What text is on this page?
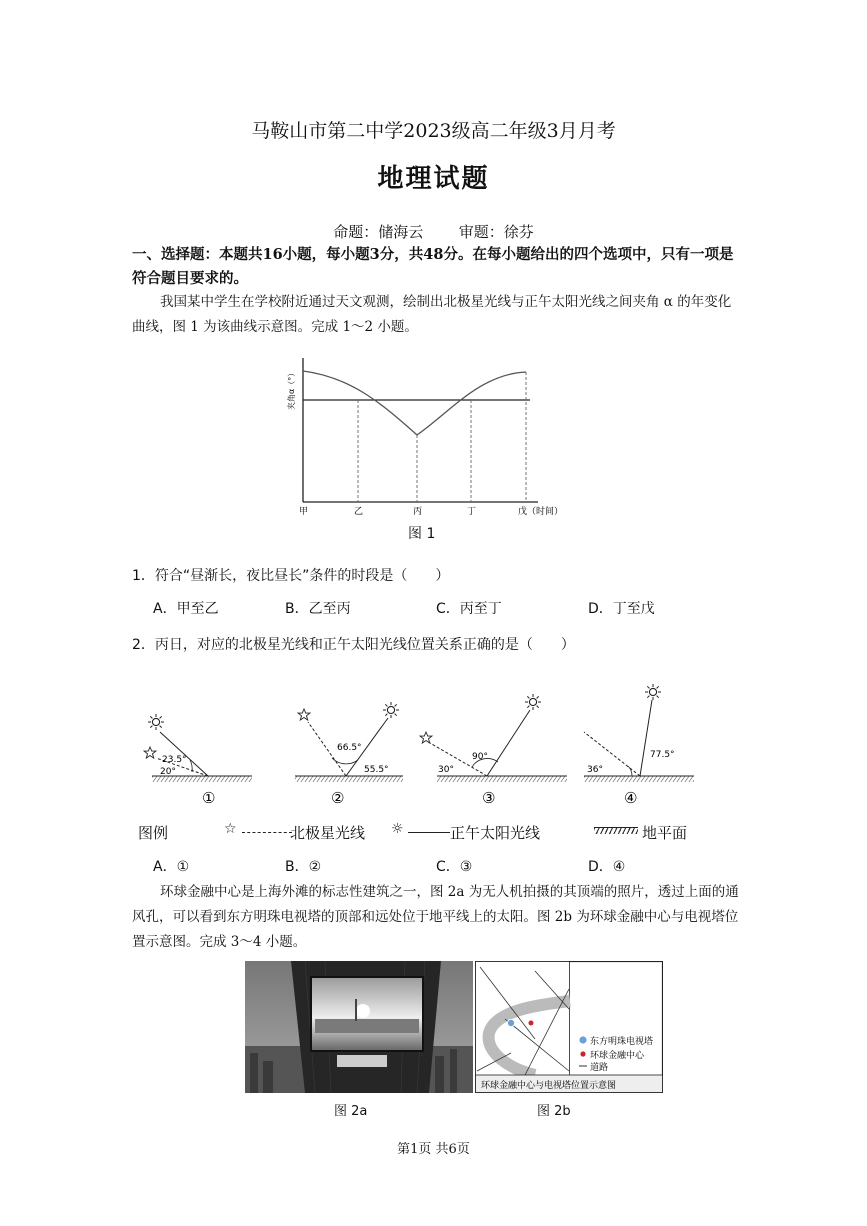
马鞍山市第二中学2023级高二年级3月月考
地理试题
命题：储海云 审题：徐芬
一、选择题：本题共16小题，每小题3分，共48分。在每小题给出的四个选项中，只有一项是符合题目要求的。
我国某中学生在学校附近通过天文观测，绘制出北极星光线与正午太阳光线之间夹角 α 的年变化曲线，图 1 为该曲线示意图。完成 1～2 小题。
夹角α（°）
甲	乙	丙	丁	戊（时间）
图 1
1．符合“昼渐长，夜比昼长”条件的时段是（　　）
A．甲至乙	B．乙至丙	C．丙至丁	D．丁至戊
2．丙日，对应的北极星光线和正午太阳光线位置关系正确的是（　　）
23.5°
20°
①
66.5°
55.5°
②
90°
30°
③
77.5°
36°
④
图例	☆	北极星光线 ☼	正午太阳光线	地平面
A．①	B．②	C．③	D．④
环球金融中心是上海外滩的标志性建筑之一，图 2a 为无人机拍摄的其顶端的照片，透过上面的通风孔，可以看到东方明珠电视塔的顶部和远处位于地平线上的太阳。图 2b 为环球金融中心与电视塔位置示意图。完成 3～4 小题。
东方明珠电视塔
环球金融中心
道路
环球金融中心与电视塔位置示意图
图 2a	图 2b
第1页 共6页
